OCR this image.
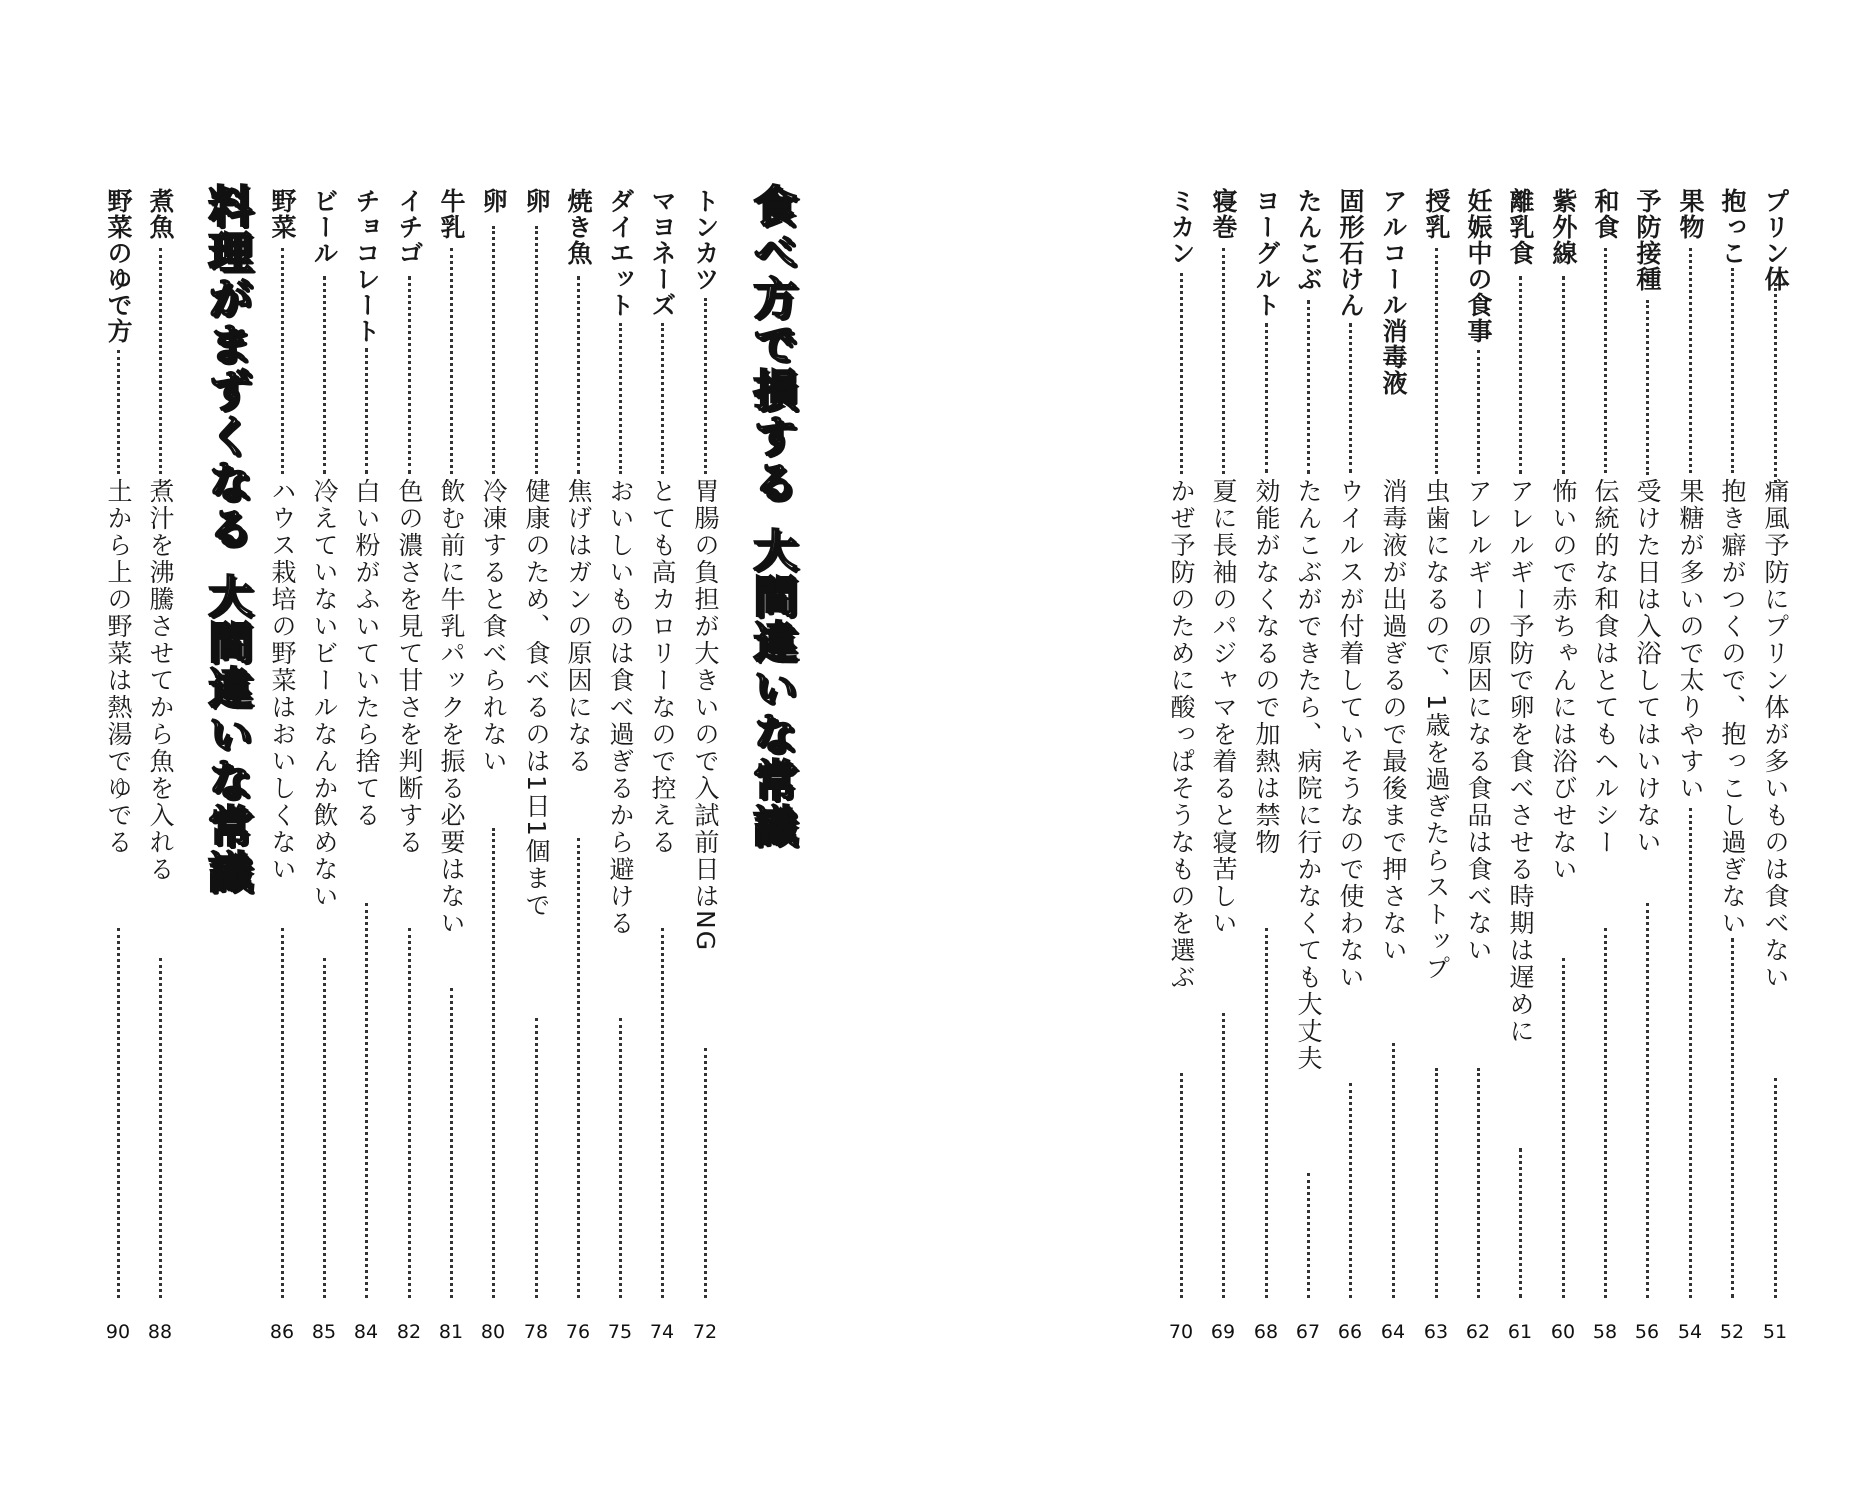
プリン体
痛風予防にプリン体が多いものは食べない
51
抱っこ
抱き癖がつくので、抱っこし過ぎない
52
果物
果糖が多いので太りやすい
54
予防接種
受けた日は入浴してはいけない
56
和食
伝統的な和食はとてもヘルシー
58
紫外線
怖いので赤ちゃんには浴びせない
60
離乳食
アレルギー予防で卵を食べさせる時期は遅めに
61
妊娠中の食事
アレルギーの原因になる食品は食べない
62
授乳
虫歯になるので、1歳を過ぎたらストップ
63
アルコール消毒液
消毒液が出過ぎるので最後まで押さない
64
固形石けん
ウイルスが付着していそうなので使わない
66
たんこぶ
たんこぶができたら、病院に行かなくても大丈夫
67
ヨーグルト
効能がなくなるので加熱は禁物
68
寝巻
夏に長袖のパジャマを着ると寝苦しい
69
ミカン
かぜ予防のために酸っぱそうなものを選ぶ
70
食べ方で損する大間違いな常識
トンカツ
胃腸の負担が大きいので入試前日はNG
72
マヨネーズ
とても高カロリーなので控える
74
ダイエット
おいしいものは食べ過ぎるから避ける
75
焼き魚
焦げはガンの原因になる
76
卵
健康のため、食べるのは1日1個まで
78
卵
冷凍すると食べられない
80
牛乳
飲む前に牛乳パックを振る必要はない
81
イチゴ
色の濃さを見て甘さを判断する
82
チョコレート
白い粉がふいていたら捨てる
84
ビール
冷えていないビールなんか飲めない
85
野菜
ハウス栽培の野菜はおいしくない
86
料理がまずくなる大間違いな常識
煮魚
煮汁を沸騰させてから魚を入れる
88
野菜のゆで方
土から上の野菜は熱湯でゆでる
90
